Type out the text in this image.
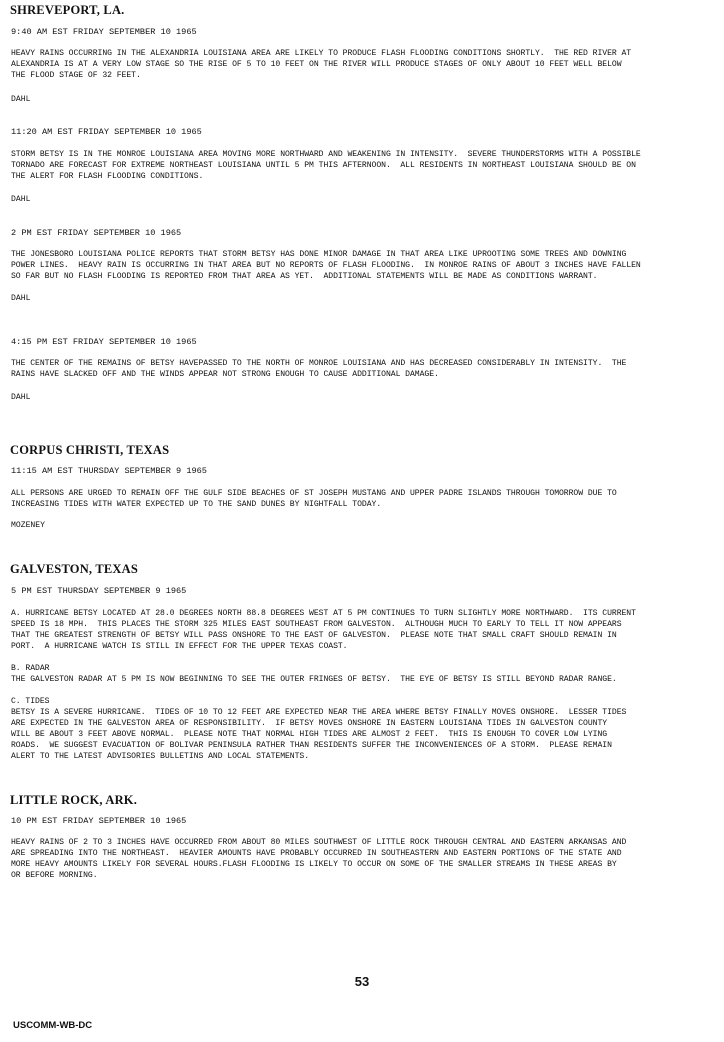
SHREVEPORT, LA.
9:40 AM EST FRIDAY SEPTEMBER 10 1965
HEAVY RAINS OCCURRING IN THE ALEXANDRIA LOUISIANA AREA ARE LIKELY TO PRODUCE FLASH FLOODING CONDITIONS SHORTLY.  THE RED RIVER AT
ALEXANDRIA IS AT A VERY LOW STAGE SO THE RISE OF 5 TO 10 FEET ON THE RIVER WILL PRODUCE STAGES OF ONLY ABOUT 10 FEET WELL BELOW
THE FLOOD STAGE OF 32 FEET.
DAHL
11:20 AM EST FRIDAY SEPTEMBER 10 1965
STORM BETSY IS IN THE MONROE LOUISIANA AREA MOVING MORE NORTHWARD AND WEAKENING IN INTENSITY.  SEVERE THUNDERSTORMS WITH A POSSIBLE
TORNADO ARE FORECAST FOR EXTREME NORTHEAST LOUISIANA UNTIL 5 PM THIS AFTERNOON.  ALL RESIDENTS IN NORTHEAST LOUISIANA SHOULD BE ON
THE ALERT FOR FLASH FLOODING CONDITIONS.
DAHL
2 PM EST FRIDAY SEPTEMBER 10 1965
THE JONESBORO LOUISIANA POLICE REPORTS THAT STORM BETSY HAS DONE MINOR DAMAGE IN THAT AREA LIKE UPROOTING SOME TREES AND DOWNING
POWER LINES.  HEAVY RAIN IS OCCURRING IN THAT AREA BUT NO REPORTS OF FLASH FLOODING.  IN MONROE RAINS OF ABOUT 3 INCHES HAVE FALLEN
SO FAR BUT NO FLASH FLOODING IS REPORTED FROM THAT AREA AS YET.  ADDITIONAL STATEMENTS WILL BE MADE AS CONDITIONS WARRANT.
DAHL
4:15 PM EST FRIDAY SEPTEMBER 10 1965
THE CENTER OF THE REMAINS OF BETSY HAVEPASSED TO THE NORTH OF MONROE LOUISIANA AND HAS DECREASED CONSIDERABLY IN INTENSITY.  THE
RAINS HAVE SLACKED OFF AND THE WINDS APPEAR NOT STRONG ENOUGH TO CAUSE ADDITIONAL DAMAGE.
DAHL
CORPUS CHRISTI, TEXAS
11:15 AM EST THURSDAY SEPTEMBER 9 1965
ALL PERSONS ARE URGED TO REMAIN OFF THE GULF SIDE BEACHES OF ST JOSEPH MUSTANG AND UPPER PADRE ISLANDS THROUGH TOMORROW DUE TO
INCREASING TIDES WITH WATER EXPECTED UP TO THE SAND DUNES BY NIGHTFALL TODAY.
MOZENEY
GALVESTON, TEXAS
5 PM EST THURSDAY SEPTEMBER 9 1965
A. HURRICANE BETSY LOCATED AT 28.0 DEGREES NORTH 88.8 DEGREES WEST AT 5 PM CONTINUES TO TURN SLIGHTLY MORE NORTHWARD.  ITS CURRENT
SPEED IS 18 MPH.  THIS PLACES THE STORM 325 MILES EAST SOUTHEAST FROM GALVESTON.  ALTHOUGH MUCH TO EARLY TO TELL IT NOW APPEARS
THAT THE GREATEST STRENGTH OF BETSY WILL PASS ONSHORE TO THE EAST OF GALVESTON.  PLEASE NOTE THAT SMALL CRAFT SHOULD REMAIN IN
PORT.  A HURRICANE WATCH IS STILL IN EFFECT FOR THE UPPER TEXAS COAST.
B. RADAR
THE GALVESTON RADAR AT 5 PM IS NOW BEGINNING TO SEE THE OUTER FRINGES OF BETSY.  THE EYE OF BETSY IS STILL BEYOND RADAR RANGE.
C. TIDES
BETSY IS A SEVERE HURRICANE.  TIDES OF 10 TO 12 FEET ARE EXPECTED NEAR THE AREA WHERE BETSY FINALLY MOVES ONSHORE.  LESSER TIDES
ARE EXPECTED IN THE GALVESTON AREA OF RESPONSIBILITY.  IF BETSY MOVES ONSHORE IN EASTERN LOUISIANA TIDES IN GALVESTON COUNTY
WILL BE ABOUT 3 FEET ABOVE NORMAL.  PLEASE NOTE THAT NORMAL HIGH TIDES ARE ALMOST 2 FEET.  THIS IS ENOUGH TO COVER LOW LYING
ROADS.  WE SUGGEST EVACUATION OF BOLIVAR PENINSULA RATHER THAN RESIDENTS SUFFER THE INCONVENIENCES OF A STORM.  PLEASE REMAIN
ALERT TO THE LATEST ADVISORIES BULLETINS AND LOCAL STATEMENTS.
LITTLE ROCK, ARK.
10 PM EST FRIDAY SEPTEMBER 10 1965
HEAVY RAINS OF 2 TO 3 INCHES HAVE OCCURRED FROM ABOUT 80 MILES SOUTHWEST OF LITTLE ROCK THROUGH CENTRAL AND EASTERN ARKANSAS AND
ARE SPREADING INTO THE NORTHEAST.  HEAVIER AMOUNTS HAVE PROBABLY OCCURRED IN SOUTHEASTERN AND EASTERN PORTIONS OF THE STATE AND
MORE HEAVY AMOUNTS LIKELY FOR SEVERAL HOURS.FLASH FLOODING IS LIKELY TO OCCUR ON SOME OF THE SMALLER STREAMS IN THESE AREAS BY
OR BEFORE MORNING.
53
USCOMM-WB-DC
